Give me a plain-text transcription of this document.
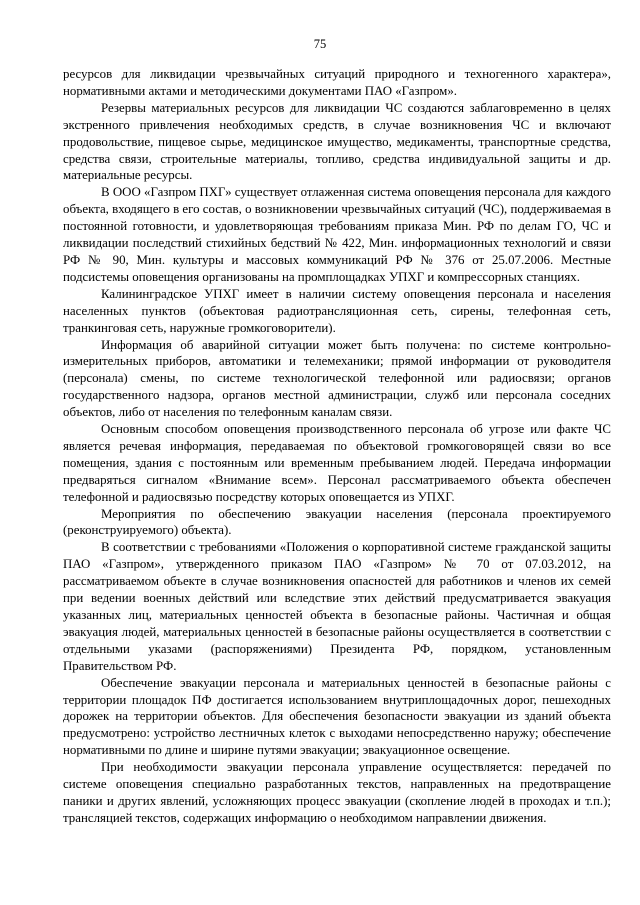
75

ресурсов для ликвидации чрезвычайных ситуаций природного и техногенного характера», нормативными актами и методическими документами ПАО «Газпром».

Резервы материальных ресурсов для ликвидации ЧС создаются заблаговременно в целях экстренного привлечения необходимых средств, в случае возникновения ЧС и включают продовольствие, пищевое сырье, медицинское имущество, медикаменты, транспортные средства, средства связи, строительные материалы, топливо, средства индивидуальной защиты и др. материальные ресурсы.

В ООО «Газпром ПХГ» существует отлаженная система оповещения персонала для каждого объекта, входящего в его состав, о возникновении чрезвычайных ситуаций (ЧС), поддерживаемая в постоянной готовности, и удовлетворяющая требованиям приказа Мин. РФ по делам ГО, ЧС и ликвидации последствий стихийных бедствий № 422, Мин. информационных технологий и связи РФ № 90, Мин. культуры и массовых коммуникаций РФ № 376 от 25.07.2006. Местные подсистемы оповещения организованы на промплощадках УПХГ и компрессорных станциях.

Калининградское УПХГ имеет в наличии систему оповещения персонала и населения населенных пунктов (объектовая радиотрансляционная сеть, сирены, телефонная сеть, транкинговая сеть, наружные громкоговорители).

Информация об аварийной ситуации может быть получена: по системе контрольно-измерительных приборов, автоматики и телемеханики; прямой информации от руководителя (персонала) смены, по системе технологической телефонной или радиосвязи; органов государственного надзора, органов местной администрации, служб или персонала соседних объектов, либо от населения по телефонным каналам связи.

Основным способом оповещения производственного персонала об угрозе или факте ЧС является речевая информация, передаваемая по объектовой громкоговорящей связи во все помещения, здания с постоянным или временным пребыванием людей. Передача информации предваряться сигналом «Внимание всем». Персонал рассматриваемого объекта обеспечен телефонной и радиосвязью посредству которых оповещается из УПХГ.

Мероприятия по обеспечению эвакуации населения (персонала проектируемого (реконструируемого) объекта).

В соответствии с требованиями «Положения о корпоративной системе гражданской защиты ПАО «Газпром», утвержденного приказом ПАО «Газпром» № 70 от 07.03.2012, на рассматриваемом объекте в случае возникновения опасностей для работников и членов их семей при ведении военных действий или вследствие этих действий предусматривается эвакуация указанных лиц, материальных ценностей объекта в безопасные районы. Частичная и общая эвакуация людей, материальных ценностей в безопасные районы осуществляется в соответствии с отдельными указами (распоряжениями) Президента РФ, порядком, установленным Правительством РФ.

Обеспечение эвакуации персонала и материальных ценностей в безопасные районы с территории площадок ПФ достигается использованием внутриплощадочных дорог, пешеходных дорожек на территории объектов. Для обеспечения безопасности эвакуации из зданий объекта предусмотрено: устройство лестничных клеток с выходами непосредственно наружу; обеспечение нормативными по длине и ширине путями эвакуации; эвакуационное освещение.

При необходимости эвакуации персонала управление осуществляется: передачей по системе оповещения специально разработанных текстов, направленных на предотвращение паники и других явлений, усложняющих процесс эвакуации (скопление людей в проходах и т.п.); трансляцией текстов, содержащих информацию о необходимом направлении движения.
